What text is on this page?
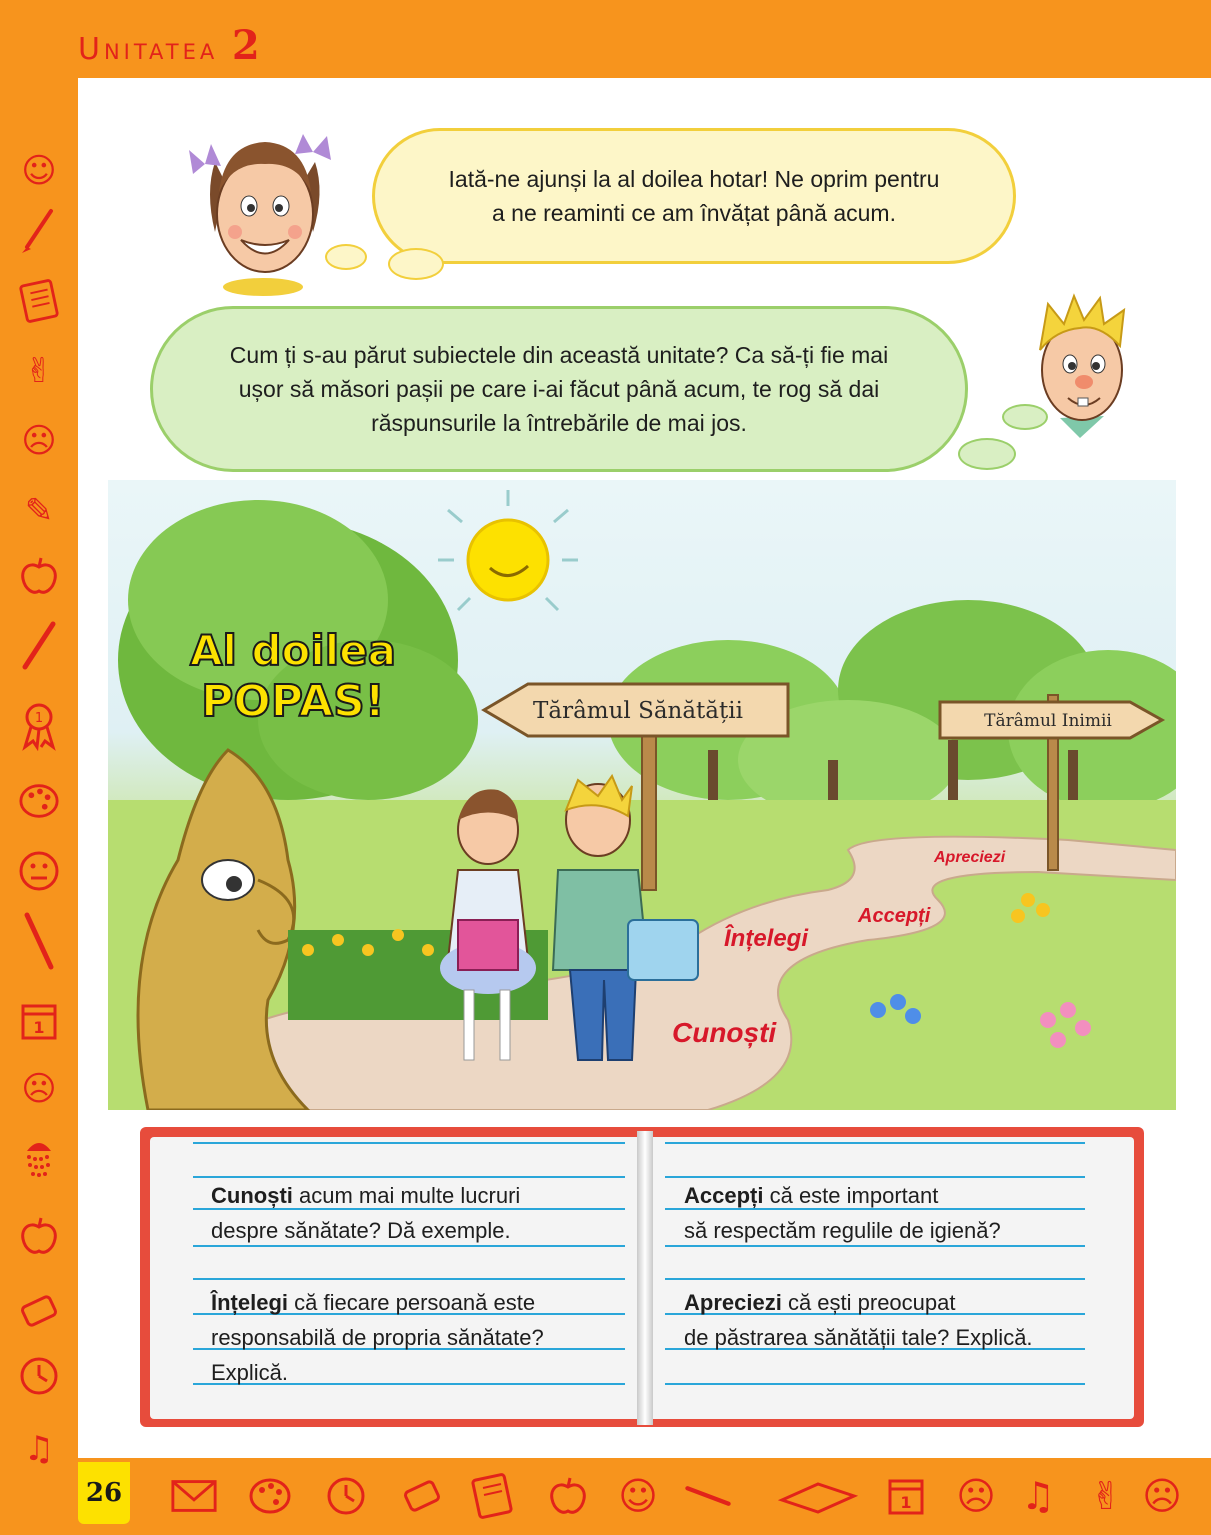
Unitatea 2
☺
✌
☹
✎
1
1
☹
♫
Iată-ne ajunși la al doilea hotar! Ne oprim pentru
a ne reaminti ce am învățat până acum.
Cum ți s-au părut subiectele din această unitate? Ca să-ți fie mai
ușor să măsori pașii pe care i-ai făcut până acum, te rog să dai
răspunsurile la întrebările de mai jos.
Tărâmul Sănătății	Tărâmul Inimii
Cunoști
Înțelegi
Accepți
Apreciezi
Al doilea
POPAS!
Cunoști acum mai multe lucruri
despre sănătate? Dă exemple.
Înțelegi că fiecare persoană este
responsabilă de propria sănătate?
Explică.
Accepți că este important
să respectăm regulile de igienă?
Apreciezi că ești preocupat
de păstrarea sănătății tale? Explică.
26	☺	1 ☹ ♫ ✌ ☹
